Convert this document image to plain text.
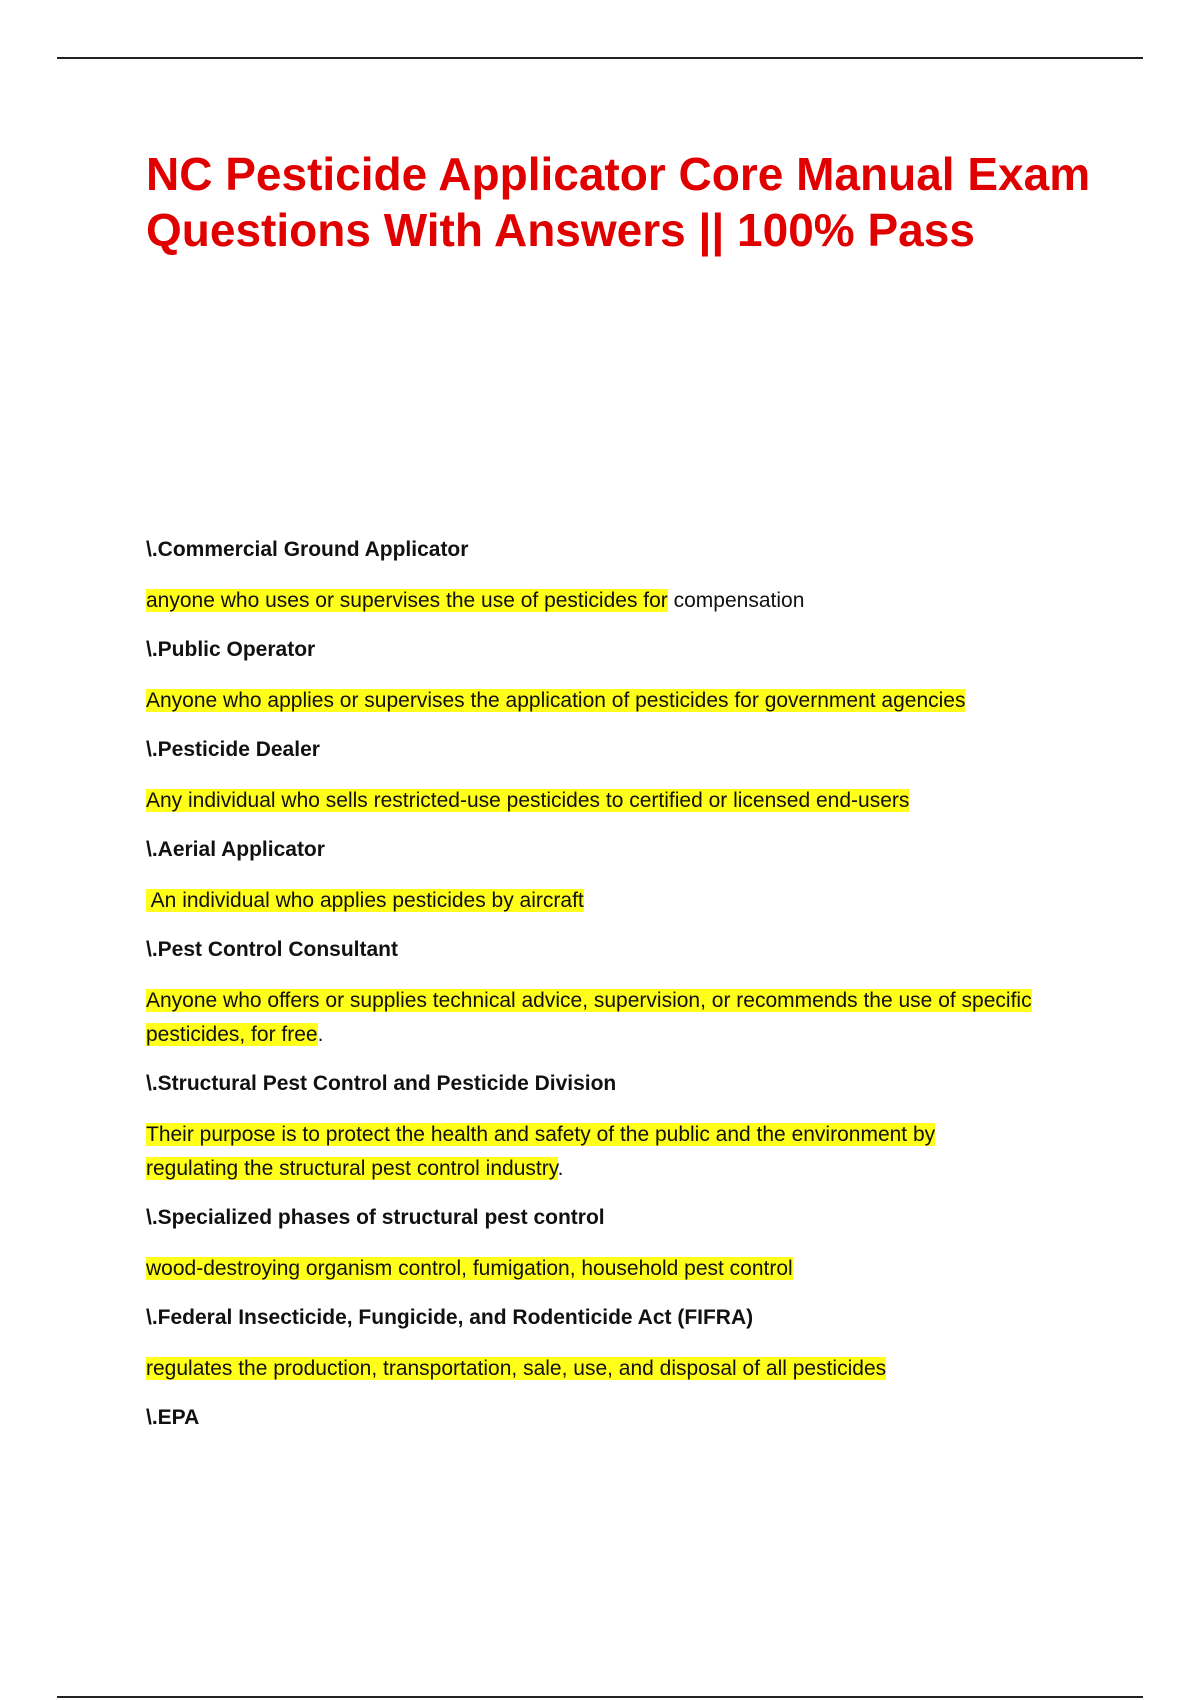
NC Pesticide Applicator Core Manual Exam Questions With Answers || 100% Pass

\.Commercial Ground Applicator

anyone who uses or supervises the use of pesticides for compensation

\.Public Operator

Anyone who applies or supervises the application of pesticides for government agencies

\.Pesticide Dealer

Any individual who sells restricted-use pesticides to certified or licensed end-users

\.Aerial Applicator

An individual who applies pesticides by aircraft

\.Pest Control Consultant

Anyone who offers or supplies technical advice, supervision, or recommends the use of specific pesticides, for free.

\.Structural Pest Control and Pesticide Division

Their purpose is to protect the health and safety of the public and the environment by regulating the structural pest control industry.

\.Specialized phases of structural pest control

wood-destroying organism control, fumigation, household pest control

\.Federal Insecticide, Fungicide, and Rodenticide Act (FIFRA)

regulates the production, transportation, sale, use, and disposal of all pesticides

\.EPA
